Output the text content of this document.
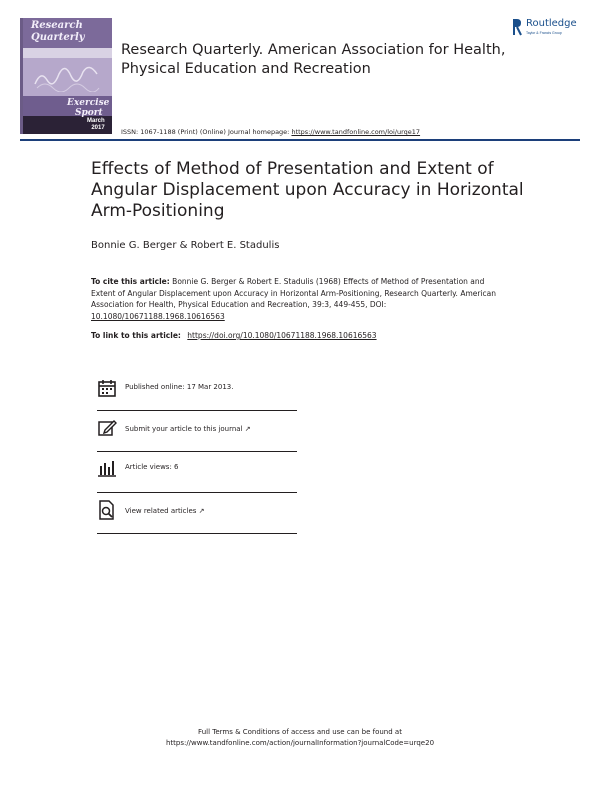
Research Quarterly
Exercise
Sport
March
2017
Research Quarterly. American Association for Health, Physical Education and Recreation
Routledge
Taylor & Francis Group
ISSN: 1067-1188 (Print) (Online) Journal homepage: https://www.tandfonline.com/loi/urqe17
Effects of Method of Presentation and Extent of Angular Displacement upon Accuracy in Horizontal Arm-Positioning
Bonnie G. Berger & Robert E. Stadulis
To cite this article: Bonnie G. Berger & Robert E. Stadulis (1968) Effects of Method of Presentation and Extent of Angular Displacement upon Accuracy in Horizontal Arm-Positioning, Research Quarterly. American Association for Health, Physical Education and Recreation, 39:3, 449-455, DOI: 10.1080/10671188.1968.10616563
To link to this article: https://doi.org/10.1080/10671188.1968.10616563
Published online: 17 Mar 2013.
Submit your article to this journal ↗
Article views: 6
View related articles ↗
Full Terms & Conditions of access and use can be found at
https://www.tandfonline.com/action/journalInformation?journalCode=urqe20
